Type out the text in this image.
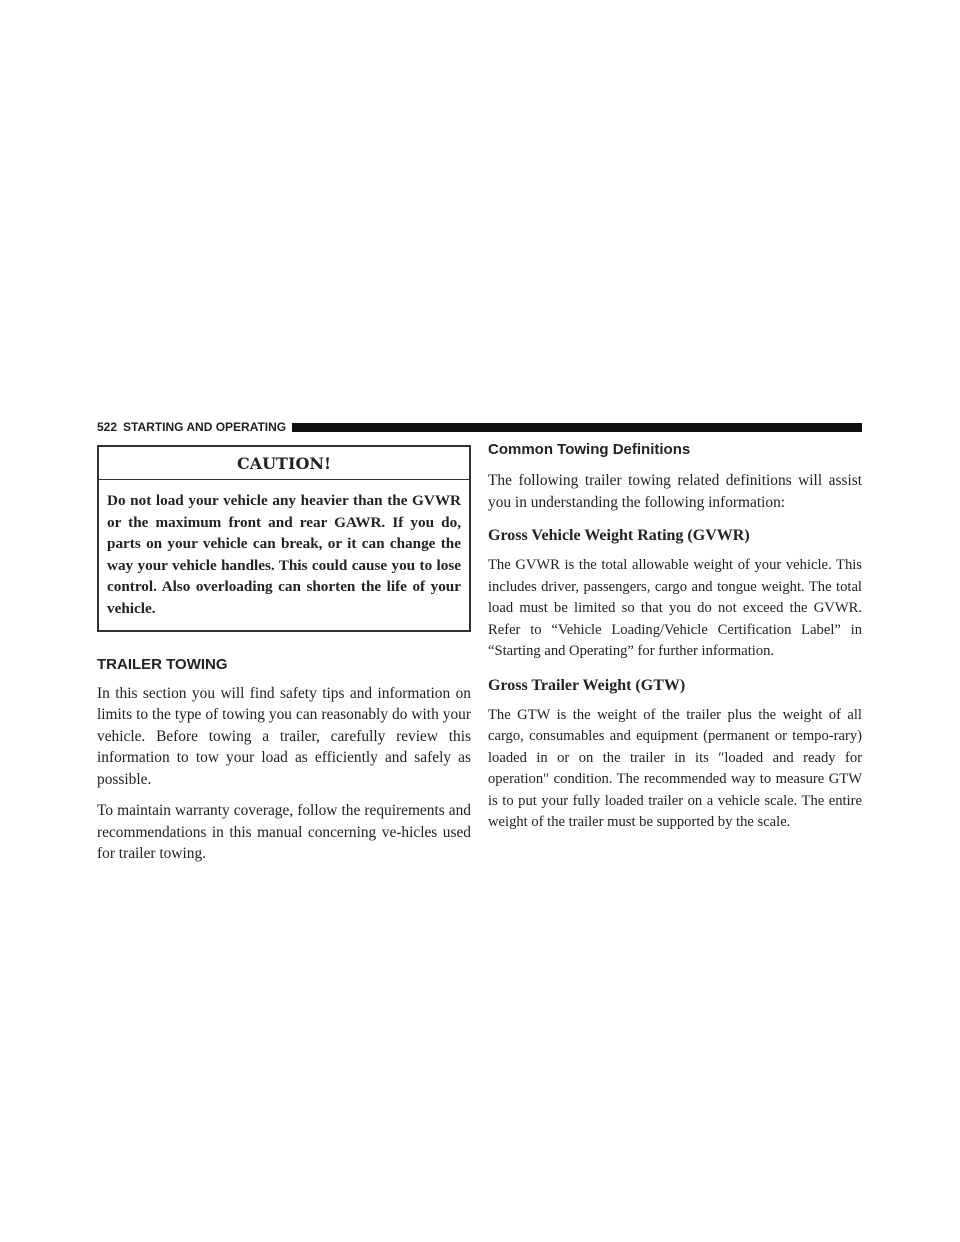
522 STARTING AND OPERATING
CAUTION!
Do not load your vehicle any heavier than the GVWR or the maximum front and rear GAWR. If you do, parts on your vehicle can break, or it can change the way your vehicle handles. This could cause you to lose control. Also overloading can shorten the life of your vehicle.
TRAILER TOWING

In this section you will find safety tips and information on limits to the type of towing you can reasonably do with your vehicle. Before towing a trailer, carefully review this information to tow your load as efficiently and safely as possible.

To maintain warranty coverage, follow the requirements and recommendations in this manual concerning ve-hicles used for trailer towing.

Common Towing Definitions

The following trailer towing related definitions will assist you in understanding the following information:

Gross Vehicle Weight Rating (GVWR)

The GVWR is the total allowable weight of your vehicle. This includes driver, passengers, cargo and tongue weight. The total load must be limited so that you do not exceed the GVWR. Refer to “Vehicle Loading/Vehicle Certification Label” in “Starting and Operating” for further information.

Gross Trailer Weight (GTW)

The GTW is the weight of the trailer plus the weight of all cargo, consumables and equipment (permanent or tempo-rary) loaded in or on the trailer in its ″loaded and ready for operation″ condition. The recommended way to measure GTW is to put your fully loaded trailer on a vehicle scale. The entire weight of the trailer must be supported by the scale.
